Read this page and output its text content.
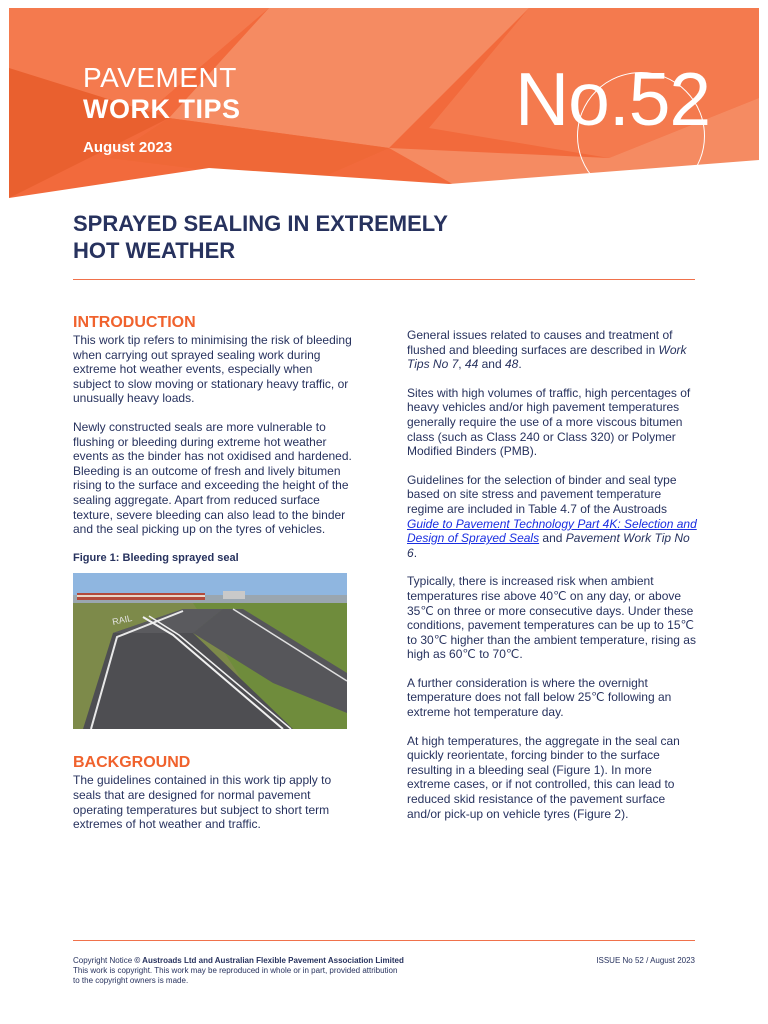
PAVEMENT
WORK TIPS
August 2023
No.52
SPRAYED SEALING IN EXTREMELY
HOT WEATHER
INTRODUCTION

This work tip refers to minimising the risk of bleeding when carrying out sprayed sealing work during extreme hot weather events, especially when subject to slow moving or stationary heavy traffic, or unusually heavy loads.

Newly constructed seals are more vulnerable to flushing or bleeding during extreme hot weather events as the binder has not oxidised and hardened. Bleeding is an outcome of fresh and lively bitumen rising to the surface and exceeding the height of the sealing aggregate. Apart from reduced surface texture, severe bleeding can also lead to the binder and the seal picking up on the tyres of vehicles.

Figure 1: Bleeding sprayed seal
RAIL
BACKGROUND

The guidelines contained in this work tip apply to seals that are designed for normal pavement operating temperatures but subject to short term extremes of hot weather and traffic.

General issues related to causes and treatment of flushed and bleeding surfaces are described in Work Tips No 7, 44 and 48.

Sites with high volumes of traffic, high percentages of heavy vehicles and/or high pavement temperatures generally require the use of a more viscous bitumen class (such as Class 240 or Class 320) or Polymer Modified Binders (PMB).

Guidelines for the selection of binder and seal type based on site stress and pavement temperature regime are included in Table 4.7 of the Austroads Guide to Pavement Technology Part 4K: Selection and Design of Sprayed Seals and Pavement Work Tip No 6.

Typically, there is increased risk when ambient temperatures rise above 40℃ on any day, or above 35℃ on three or more consecutive days. Under these conditions, pavement temperatures can be up to 15℃ to 30℃ higher than the ambient temperature, rising as high as 60℃ to 70℃.

A further consideration is where the overnight temperature does not fall below 25℃ following an extreme hot temperature day.

At high temperatures, the aggregate in the seal can quickly reorientate, forcing binder to the surface resulting in a bleeding seal (Figure 1). In more extreme cases, or if not controlled, this can lead to reduced skid resistance of the pavement surface and/or pick-up on vehicle tyres (Figure 2).

Copyright Notice © Austroads Ltd and Australian Flexible Pavement Association Limited
This work is copyright. This work may be reproduced in whole or in part, provided attribution
to the copyright owners is made.
ISSUE No 52 / August 2023
